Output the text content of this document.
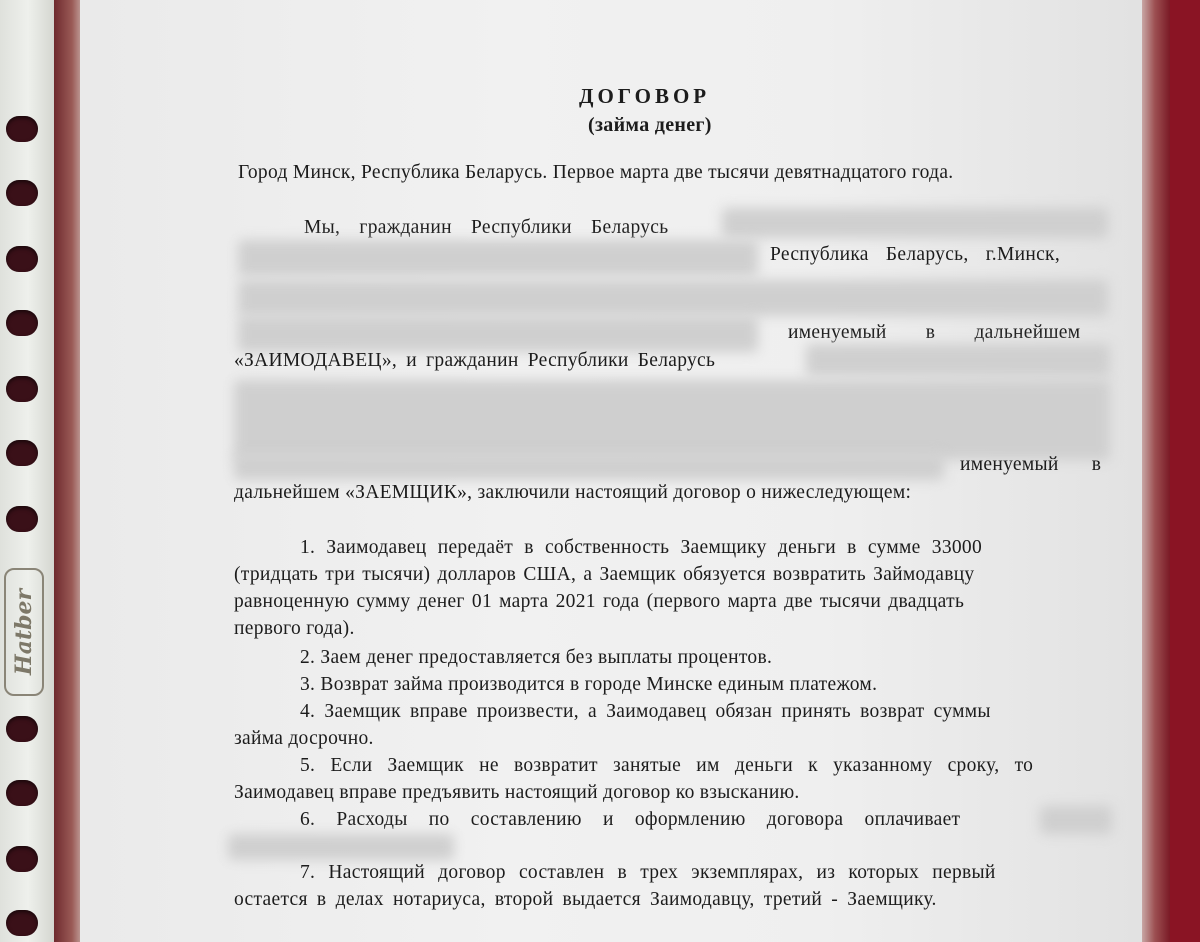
Hatber
ДОГОВОР
(займа денег)
Город Минск, Республика Беларусь. Первое марта две тысячи девятнадцатого года.
Мы, гражданин Республики Беларусь
Республика Беларусь, г.Минск,
именуемый в дальнейшем
«ЗАИМОДАВЕЦ», и гражданин Республики Беларусь
именуемый в
дальнейшем «ЗАЕМЩИК», заключили настоящий договор о нижеследующем:
1. Заимодавец передаёт в собственность Заемщику деньги в сумме 33000
(тридцать три тысячи) долларов США, а Заемщик обязуется возвратить Займодавцу
равноценную сумму денег 01 марта 2021 года (первого марта две тысячи двадцать
первого года).
2. Заем денег предоставляется без выплаты процентов.
3. Возврат займа производится в городе Минске единым платежом.
4. Заемщик вправе произвести, а Заимодавец обязан принять возврат суммы
займа досрочно.
5. Если Заемщик не возвратит занятые им деньги к указанному сроку, то
Заимодавец вправе предъявить настоящий договор ко взысканию.
6. Расходы по составлению и оформлению договора оплачивает
7. Настоящий договор составлен в трех экземплярах, из которых первый
остается в делах нотариуса, второй выдается Заимодавцу, третий - Заемщику.
